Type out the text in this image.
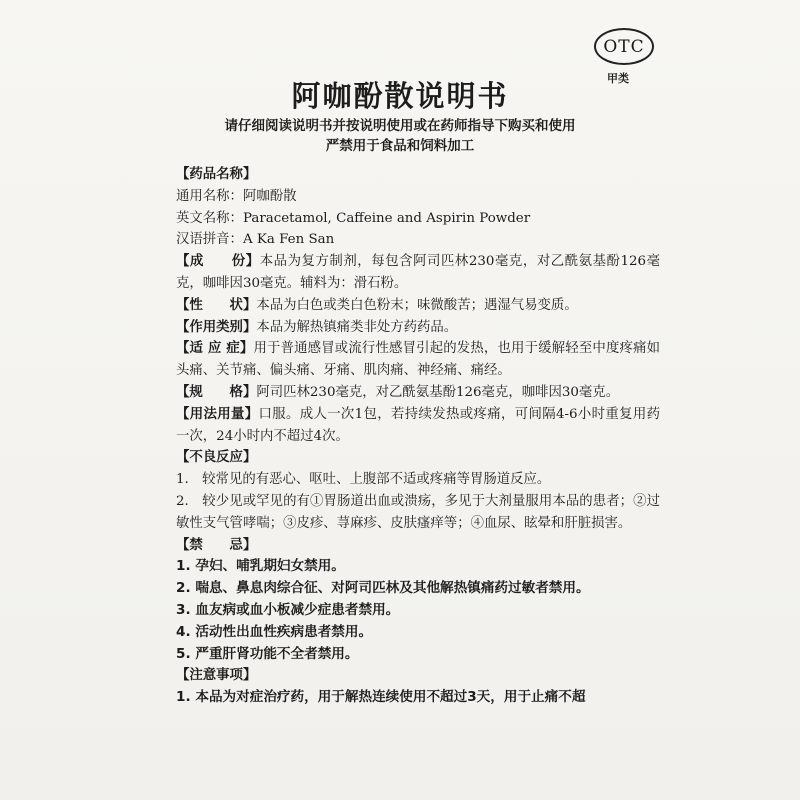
OTC
甲类
阿咖酚散说明书
请仔细阅读说明书并按说明使用或在药师指导下购买和使用
严禁用于食品和饲料加工

【药品名称】

通用名称：阿咖酚散

英文名称：Paracetamol, Caffeine and Aspirin Powder

汉语拼音：A Ka Fen San

【成　　份】本品为复方制剂，每包含阿司匹林230毫克，对乙酰氨基酚126毫克，咖啡因30毫克。辅料为：滑石粉。

【性　　状】本品为白色或类白色粉末；味微酸苦；遇湿气易变质。

【作用类别】本品为解热镇痛类非处方药药品。

【适 应 症】用于普通感冒或流行性感冒引起的发热，也用于缓解轻至中度疼痛如头痛、关节痛、偏头痛、牙痛、肌肉痛、神经痛、痛经。

【规　　格】阿司匹林230毫克，对乙酰氨基酚126毫克，咖啡因30毫克。

【用法用量】口服。成人一次1包，若持续发热或疼痛，可间隔4-6小时重复用药一次，24小时内不超过4次。

【不良反应】

1.　较常见的有恶心、呕吐、上腹部不适或疼痛等胃肠道反应。

2.　较少见或罕见的有①胃肠道出血或溃疡，多见于大剂量服用本品的患者；②过敏性支气管哮喘；③皮疹、荨麻疹、皮肤瘙痒等；④血尿、眩晕和肝脏损害。

【禁　　忌】

1. 孕妇、哺乳期妇女禁用。

2. 喘息、鼻息肉综合征、对阿司匹林及其他解热镇痛药过敏者禁用。

3. 血友病或血小板减少症患者禁用。

4. 活动性出血性疾病患者禁用。

5. 严重肝肾功能不全者禁用。

【注意事项】

1. 本品为对症治疗药，用于解热连续使用不超过3天，用于止痛不超
